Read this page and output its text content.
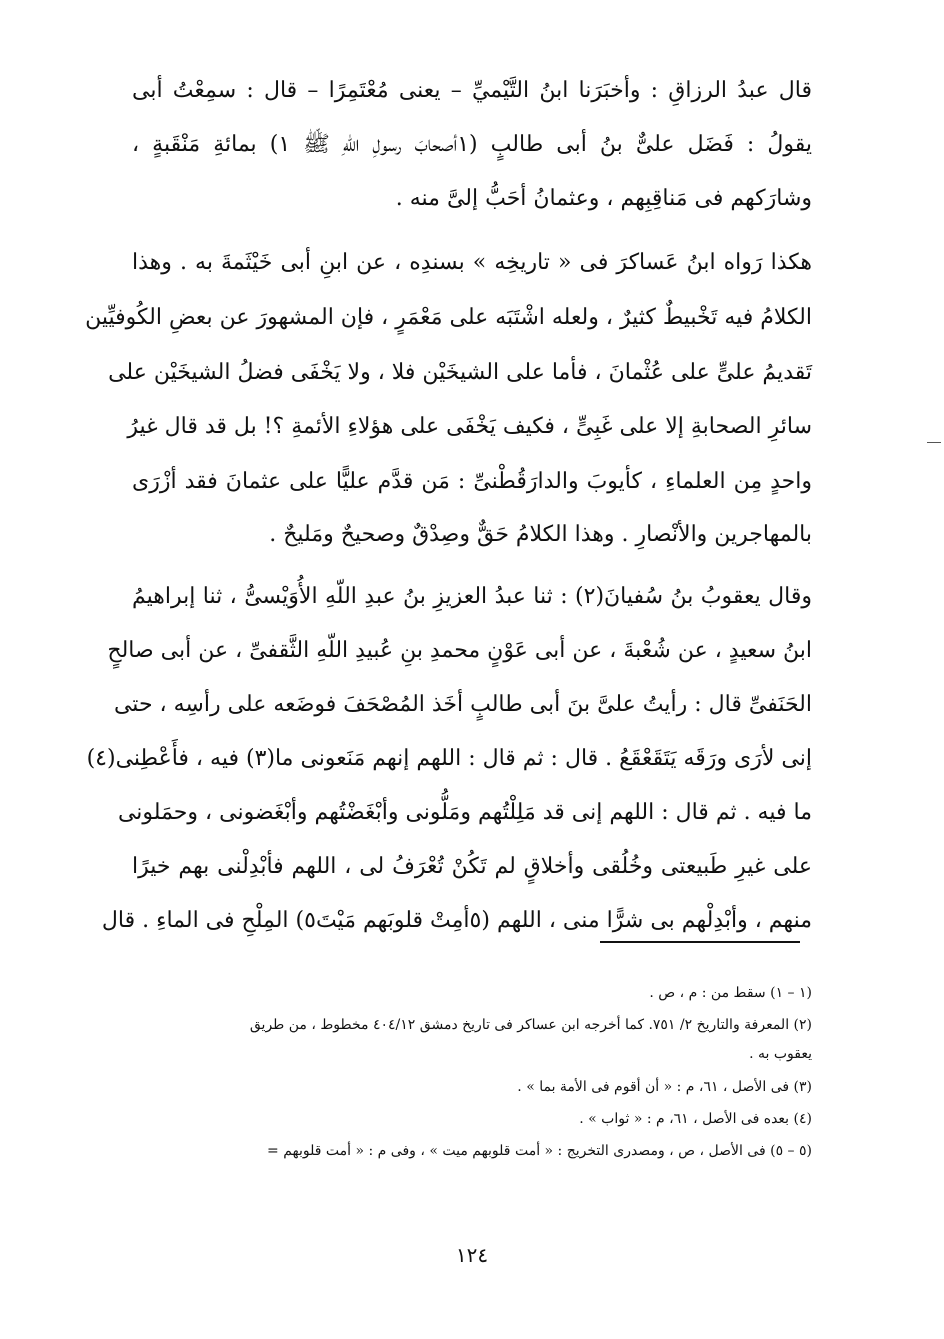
قال عبدُ الرزاقِ : وأخبَرَنا ابنُ التَّيْميِّ – يعنى مُعْتَمِرًا – قال : سمِعْتُ أبى
يقولُ : فَضَل علىٌّ بنُ أبى طالبٍ (١أصحابَ رسولِ اللّهِ ﷺ ١) بمائةِ مَنْقَبةٍ ،
وشارَكهم فى مَناقِبِهم ، وعثمانُ أحَبُّ إلىَّ منه .
هكذا رَواه ابنُ عَساكرَ فى « تاريخِه » بسندِه ، عن ابنِ أبى خَيْثَمةَ به . وهذا
الكلامُ فيه تَخْبيطٌ كثيرٌ ، ولعله اشْتَبَه على مَعْمَرٍ ، فإن المشهورَ عن بعضِ الكُوفيِّين
تَقديمُ علىٍّ على عُثْمانَ ، فأما على الشيخَيْن فلا ، ولا يَخْفَى فضلُ الشيخَيْن على
سائرِ الصحابةِ إلا على غَبِىٍّ ، فكيف يَخْفَى على هؤلاءِ الأئمةِ ؟! بل قد قال غيرُ
واحدٍ مِن العلماءِ ، كأيوبَ والدارَقُطْنىِّ : مَن قدَّم عليًّا على عثمانَ فقد أزْرَى
بالمهاجرين والأنْصارِ . وهذا الكلامُ حَقٌّ وصِدْقٌ وصحيحٌ ومَليحٌ .
وقال يعقوبُ بنُ سُفيانَ(٢) : ثنا عبدُ العزيزِ بنُ عبدِ اللّهِ الأُوَيْسىُّ ، ثنا إبراهيمُ
ابنُ سعيدٍ ، عن شُعْبةَ ، عن أبى عَوْنٍ محمدِ بنِ عُبيدِ اللّهِ الثَّقفىِّ ، عن أبى صالحٍ
الحَنَفىِّ قال : رأيتُ علىَّ بنَ أبى طالبٍ أخَذ المُصْحَفَ فوضَعه على رأسِه ، حتى
إنى لأرَى ورَقَه يَتَقَعْقَعُ . قال : ثم قال : اللهم إنهم مَنَعونى ما(٣) فيه ، فأَعْطِنى(٤)
ما فيه . ثم قال : اللهم إنى قد مَلِلْتُهم ومَلُّونى وأبْغَضْتُهم وأبْغَضونى ، وحمَلونى
على غيرِ طَبيعتى وخُلُقى وأخلاقٍ لم تَكُنْ تُعْرَفُ لى ، اللهم فأبْدِلْنى بهم خيرًا
منهم ، وأبْدِلْهم بى شرًّا منى ، اللهم (٥أمِتْ قلوبَهم مَيْتَ٥) المِلْحِ فى الماءِ . قال
(١ – ١) سقط من : م ، ص .
(٢) المعرفة والتاريخ ٢/ ٧٥١. كما أخرجه ابن عساكر فى تاريخ دمشق ٤٠٤/١٢ مخطوط ، من طريق
يعقوب به .
(٣) فى الأصل ، ٦١، م : « أن أقوم فى الأمة بما » .
(٤) بعده فى الأصل ، ٦١، م : « ثواب » .
(٥ – ٥) فى الأصل ، ص ، ومصدرى التخريج : « أمت قلوبهم ميت » ، وفى م : « أمت قلوبهم =
١٢٤
